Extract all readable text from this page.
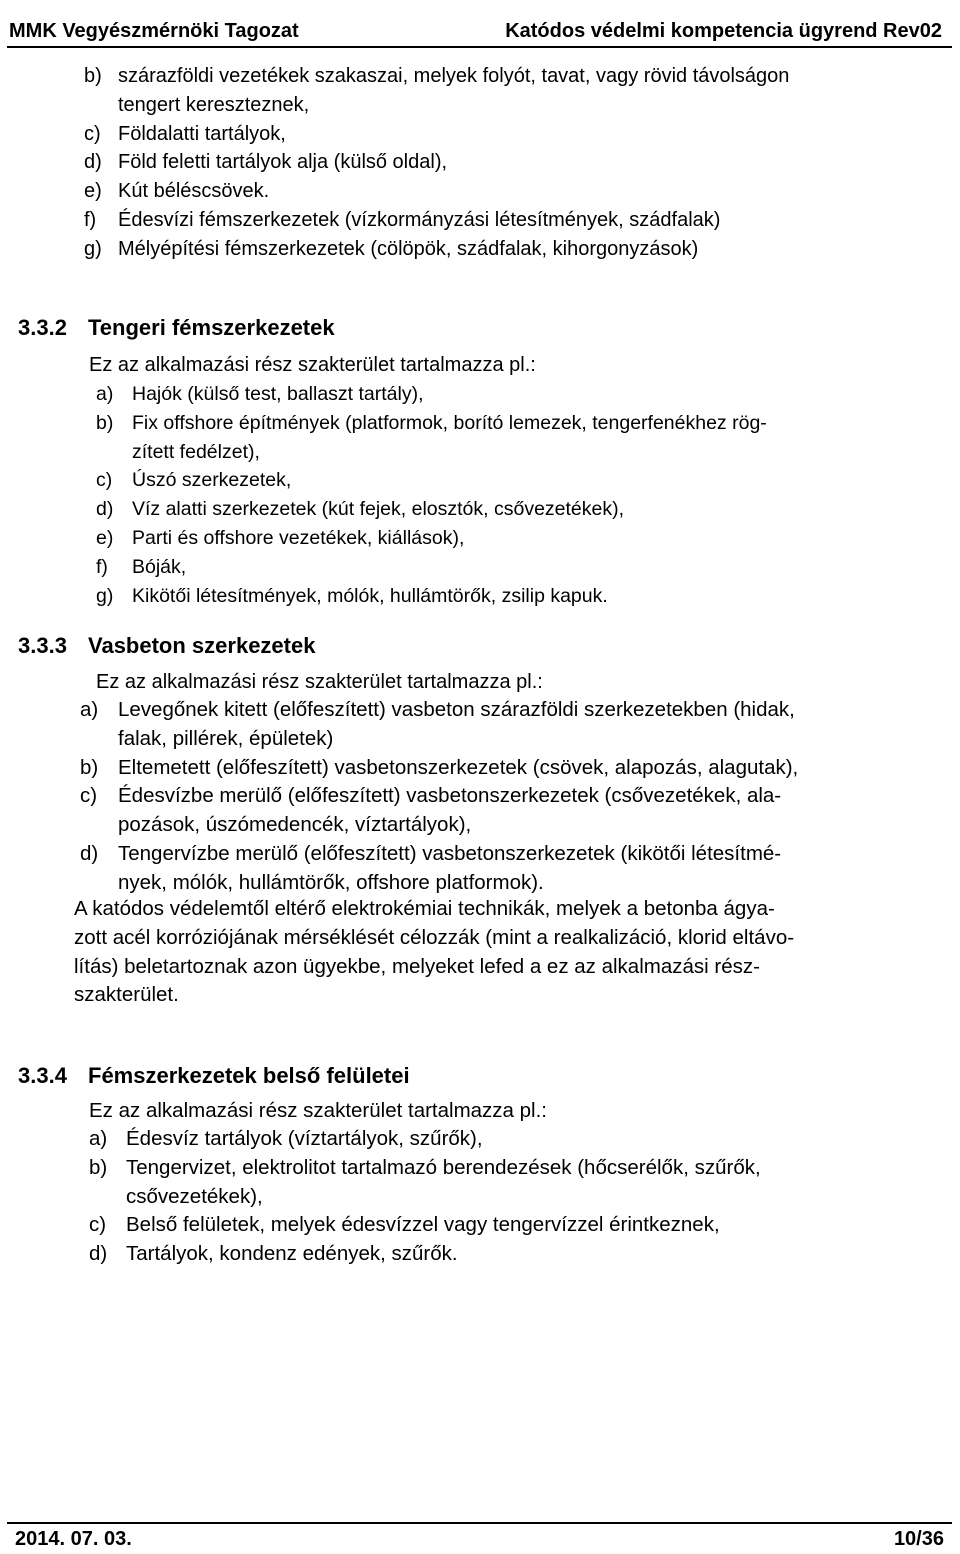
MMK Vegyészmérnöki Tagozat	Katódos védelmi kompetencia ügyrend Rev02
b) szárazföldi vezetékek szakaszai, melyek folyót, tavat, vagy rövid távolságon
tengert kereszteznek,
c) Földalatti tartályok,
d) Föld feletti tartályok alja (külső oldal),
e) Kút béléscsövek.
f) Édesvízi fémszerkezetek (vízkormányzási létesítmények, szádfalak)
g) Mélyépítési fémszerkezetek (cölöpök, szádfalak, kihorgonyzások)
3.3.2 Tengeri fémszerkezetek
Ez az alkalmazási rész szakterület tartalmazza pl.:
a) Hajók (külső test, ballaszt tartály),
b) Fix offshore építmények (platformok, borító lemezek, tengerfenékhez rög-
zített fedélzet),
c) Úszó szerkezetek,
d) Víz alatti szerkezetek (kút fejek, elosztók, csővezetékek),
e) Parti és offshore vezetékek, kiállások),
f) Bóják,
g) Kikötői létesítmények, mólók, hullámtörők, zsilip kapuk.
3.3.3 Vasbeton szerkezetek
Ez az alkalmazási rész szakterület tartalmazza pl.:
a) Levegőnek kitett (előfeszített) vasbeton szárazföldi szerkezetekben (hidak,
falak, pillérek, épületek)
b) Eltemetett (előfeszített) vasbetonszerkezetek (csövek, alapozás, alagutak),
c) Édesvízbe merülő (előfeszített) vasbetonszerkezetek (csővezetékek, ala-
pozások, úszómedencék, víztartályok),
d) Tengervízbe merülő (előfeszített) vasbetonszerkezetek (kikötői létesítmé-
nyek, mólók, hullámtörők, offshore platformok).
A katódos védelemtől eltérő elektrokémiai technikák, melyek a betonba ágya-
zott acél korróziójának mérséklését célozzák (mint a realkalizáció, klorid eltávo-
lítás) beletartoznak azon ügyekbe, melyeket lefed a ez az alkalmazási rész-
szakterület.
3.3.4 Fémszerkezetek belső felületei
Ez az alkalmazási rész szakterület tartalmazza pl.:
a) Édesvíz tartályok (víztartályok, szűrők),
b) Tengervizet, elektrolitot tartalmazó berendezések (hőcserélők, szűrők,
csővezetékek),
c) Belső felületek, melyek édesvízzel vagy tengervízzel érintkeznek,
d) Tartályok, kondenz edények, szűrők.
2014. 07. 03.	10/36
